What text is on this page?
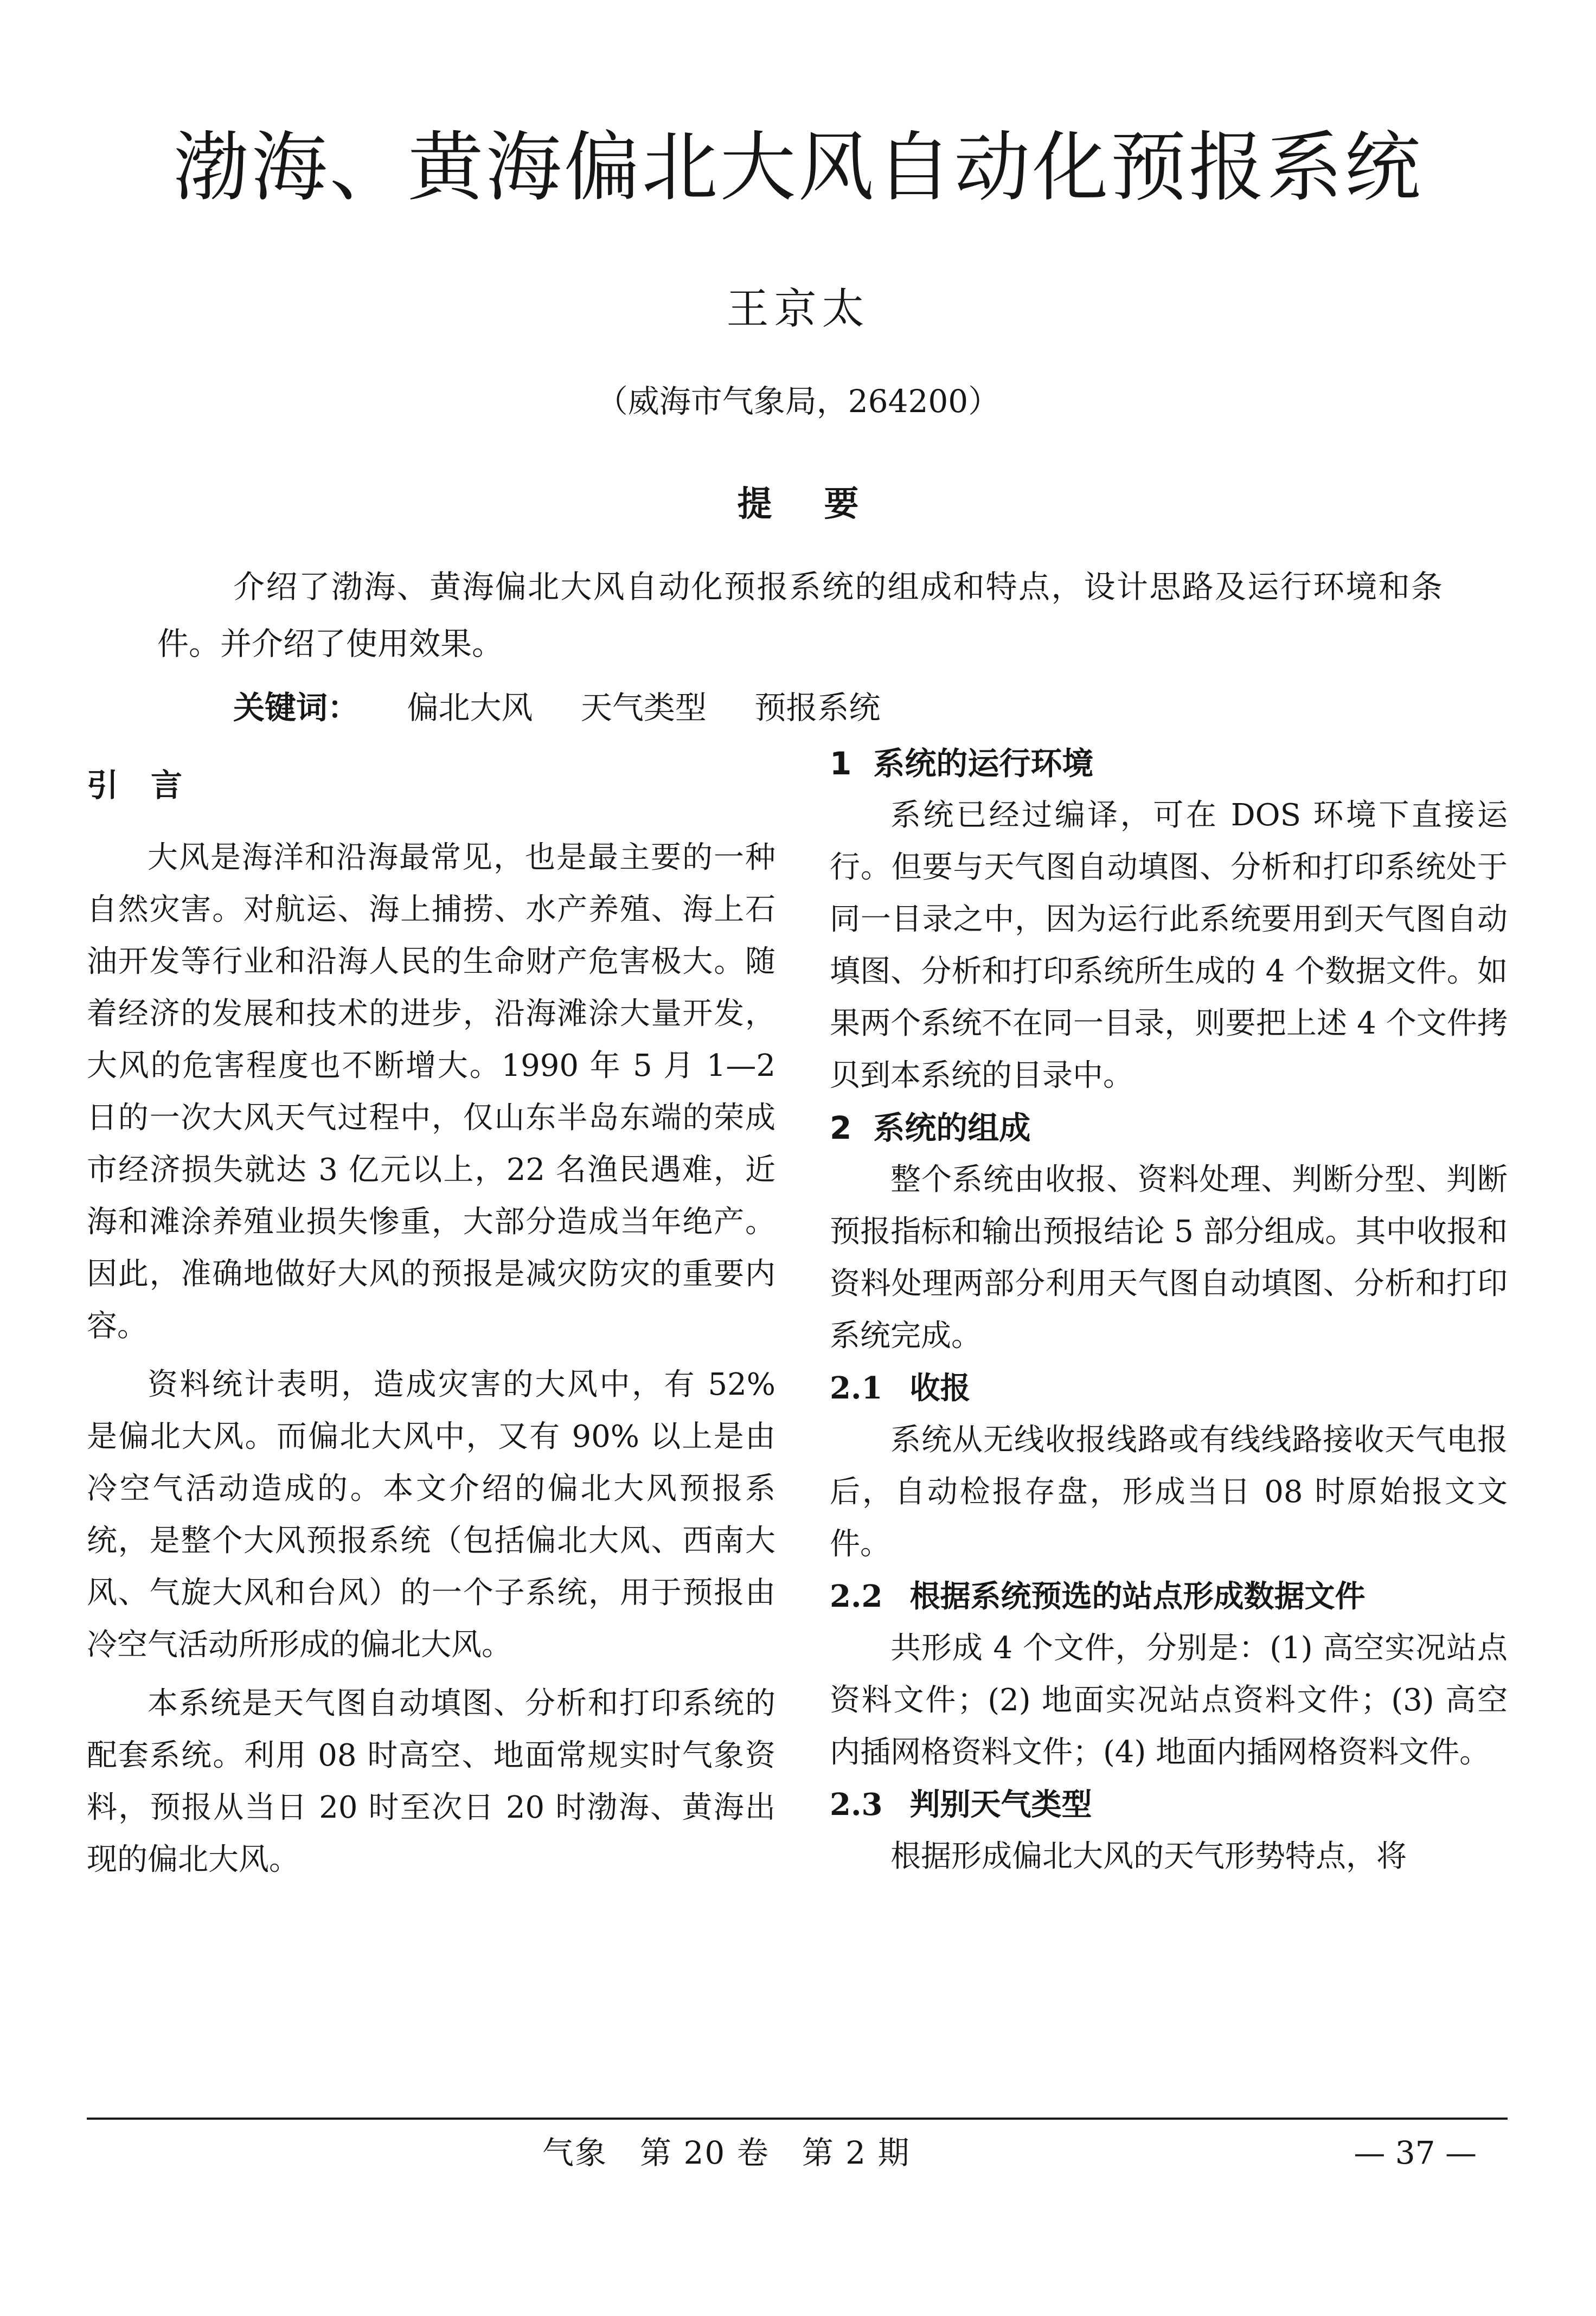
渤海、黄海偏北大风自动化预报系统

王京太

（威海市气象局，264200）

提要

介绍了渤海、黄海偏北大风自动化预报系统的组成和特点，设计思路及运行环境和条件。并介绍了使用效果。

关键词： 偏北大风 天气类型 预报系统

引言

大风是海洋和沿海最常见，也是最主要的一种自然灾害。对航运、海上捕捞、水产养殖、海上石油开发等行业和沿海人民的生命财产危害极大。随着经济的发展和技术的进步，沿海滩涂大量开发，大风的危害程度也不断增大。1990 年 5 月 1—2 日的一次大风天气过程中，仅山东半岛东端的荣成市经济损失就达 3 亿元以上，22 名渔民遇难，近海和滩涂养殖业损失惨重，大部分造成当年绝产。因此，准确地做好大风的预报是减灾防灾的重要内容。

资料统计表明，造成灾害的大风中，有 52% 是偏北大风。而偏北大风中，又有 90% 以上是由冷空气活动造成的。本文介绍的偏北大风预报系统，是整个大风预报系统（包括偏北大风、西南大风、气旋大风和台风）的一个子系统，用于预报由冷空气活动所形成的偏北大风。

本系统是天气图自动填图、分析和打印系统的配套系统。利用 08 时高空、地面常规实时气象资料，预报从当日 20 时至次日 20 时渤海、黄海出现的偏北大风。

1 系统的运行环境

系统已经过编译，可在 DOS 环境下直接运行。但要与天气图自动填图、分析和打印系统处于同一目录之中，因为运行此系统要用到天气图自动填图、分析和打印系统所生成的 4 个数据文件。如果两个系统不在同一目录，则要把上述 4 个文件拷贝到本系统的目录中。

2 系统的组成

整个系统由收报、资料处理、判断分型、判断预报指标和输出预报结论 5 部分组成。其中收报和资料处理两部分利用天气图自动填图、分析和打印系统完成。

2.1 收报

系统从无线收报线路或有线线路接收天气电报后，自动检报存盘，形成当日 08 时原始报文文件。

2.2 根据系统预选的站点形成数据文件

共形成 4 个文件，分别是：(1) 高空实况站点资料文件；(2) 地面实况站点资料文件；(3) 高空内插网格资料文件；(4) 地面内插网格资料文件。

2.3 判别天气类型

根据形成偏北大风的天气形势特点，将

气象 第 20 卷 第 2 期	— 37 —
